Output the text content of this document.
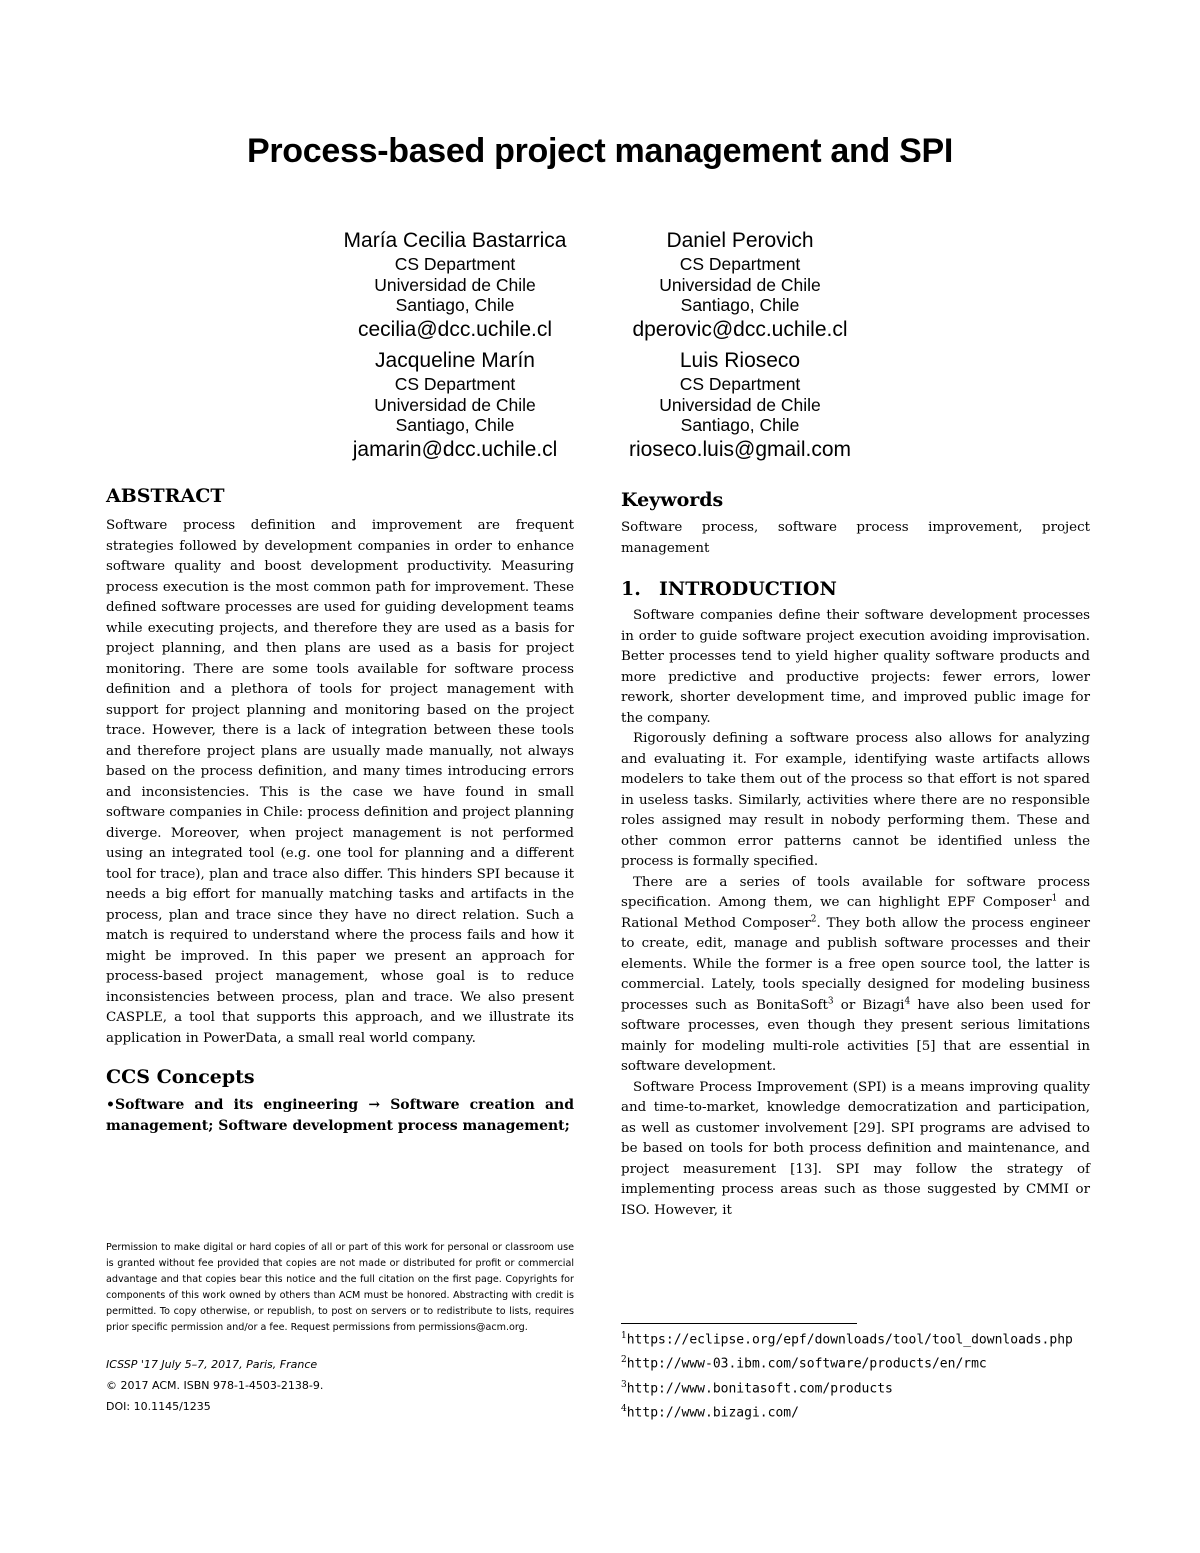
Process-based project management and SPI
María Cecilia Bastarrica
CS Department
Universidad de Chile
Santiago, Chile
cecilia@dcc.uchile.cl
Daniel Perovich
CS Department
Universidad de Chile
Santiago, Chile
dperovic@dcc.uchile.cl
Jacqueline Marín
CS Department
Universidad de Chile
Santiago, Chile
jamarin@dcc.uchile.cl
Luis Rioseco
CS Department
Universidad de Chile
Santiago, Chile
rioseco.luis@gmail.com
ABSTRACT

Software process definition and improvement are frequent strategies followed by development companies in order to enhance software quality and boost development productivity. Measuring process execution is the most common path for improvement. These defined software processes are used for guiding development teams while executing projects, and therefore they are used as a basis for project planning, and then plans are used as a basis for project monitoring. There are some tools available for software process definition and a plethora of tools for project management with support for project planning and monitoring based on the project trace. However, there is a lack of integration between these tools and therefore project plans are usually made manually, not always based on the process definition, and many times introducing errors and inconsistencies. This is the case we have found in small software companies in Chile: process definition and project planning diverge. Moreover, when project management is not performed using an integrated tool (e.g. one tool for planning and a different tool for trace), plan and trace also differ. This hinders SPI because it needs a big effort for manually matching tasks and artifacts in the process, plan and trace since they have no direct relation. Such a match is required to understand where the process fails and how it might be improved. In this paper we present an approach for process-based project management, whose goal is to reduce inconsistencies between process, plan and trace. We also present CASPLE, a tool that supports this approach, and we illustrate its application in PowerData, a small real world company.

CCS Concepts

•Software and its engineering → Software creation and management; Software development process management;

Permission to make digital or hard copies of all or part of this work for personal or classroom use is granted without fee provided that copies are not made or distributed for profit or commercial advantage and that copies bear this notice and the full citation on the first page. Copyrights for components of this work owned by others than ACM must be honored. Abstracting with credit is permitted. To copy otherwise, or republish, to post on servers or to redistribute to lists, requires prior specific permission and/or a fee. Request permissions from permissions@acm.org.
ICSSP '17 July 5–7, 2017, Paris, France
© 2017 ACM. ISBN 978-1-4503-2138-9.
DOI: 10.1145/1235
Keywords

Software process, software process improvement, project management

1. INTRODUCTION

Software companies define their software development processes in order to guide software project execution avoiding improvisation. Better processes tend to yield higher quality software products and more predictive and productive projects: fewer errors, lower rework, shorter development time, and improved public image for the company.

Rigorously defining a software process also allows for analyzing and evaluating it. For example, identifying waste artifacts allows modelers to take them out of the process so that effort is not spared in useless tasks. Similarly, activities where there are no responsible roles assigned may result in nobody performing them. These and other common error patterns cannot be identified unless the process is formally specified.

There are a series of tools available for software process specification. Among them, we can highlight EPF Composer$^1$ and Rational Method Composer$^2$. They both allow the process engineer to create, edit, manage and publish software processes and their elements. While the former is a free open source tool, the latter is commercial. Lately, tools specially designed for modeling business processes such as BonitaSoft$^3$ or Bizagi$^4$ have also been used for software processes, even though they present serious limitations mainly for modeling multi-role activities [5] that are essential in software development.

Software Process Improvement (SPI) is a means improving quality and time-to-market, knowledge democratization and participation, as well as customer involvement [29]. SPI programs are advised to be based on tools for both process definition and maintenance, and project measurement [13]. SPI may follow the strategy of implementing process areas such as those suggested by CMMI or ISO. However, it

$^1$https://eclipse.org/epf/downloads/tool/tool_downloads.php
$^2$http://www-03.ibm.com/software/products/en/rmc
$^3$http://www.bonitasoft.com/products
$^4$http://www.bizagi.com/
